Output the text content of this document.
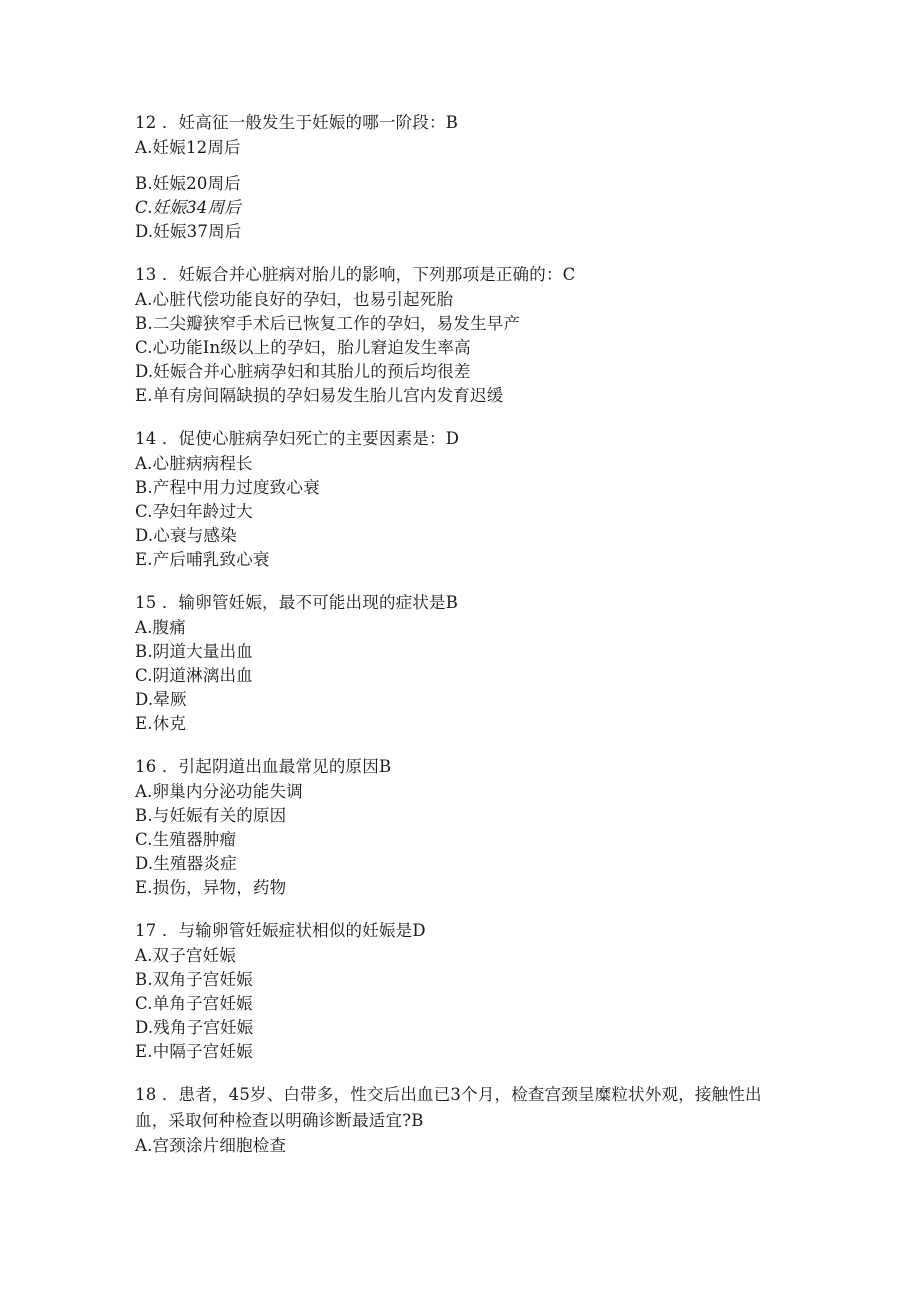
12 ．妊高征一般发生于妊娠的哪一阶段：B
A.妊娠12周后
B.妊娠20周后
C.妊娠34周后
D.妊娠37周后
13 ．妊娠合并心脏病对胎儿的影响，下列那项是正确的：C
A.心脏代偿功能良好的孕妇，也易引起死胎
B.二尖瓣狭窄手术后已恢复工作的孕妇，易发生早产
C.心功能In级以上的孕妇，胎儿窘迫发生率高
D.妊娠合并心脏病孕妇和其胎儿的预后均很差
E.单有房间隔缺损的孕妇易发生胎儿宫内发育迟缓
14 ．促使心脏病孕妇死亡的主要因素是：D
A.心脏病病程长
B.产程中用力过度致心衰
C.孕妇年龄过大
D.心衰与感染
E.产后哺乳致心衰
15 ．输卵管妊娠，最不可能出现的症状是B
A.腹痛
B.阴道大量出血
C.阴道淋漓出血
D.晕厥
E.休克
16 ．引起阴道出血最常见的原因B
A.卵巢内分泌功能失调
B.与妊娠有关的原因
C.生殖器肿瘤
D.生殖器炎症
E.损伤，异物，药物
17 ．与输卵管妊娠症状相似的妊娠是D
A.双子宫妊娠
B.双角子宫妊娠
C.单角子宫妊娠
D.残角子宫妊娠
E.中隔子宫妊娠
18 ．患者，45岁、白带多，性交后出血已3个月，检查宫颈呈糜粒状外观，接触性出血，采取何种检查以明确诊断最适宜?B
A.宫颈涂片细胞检查
